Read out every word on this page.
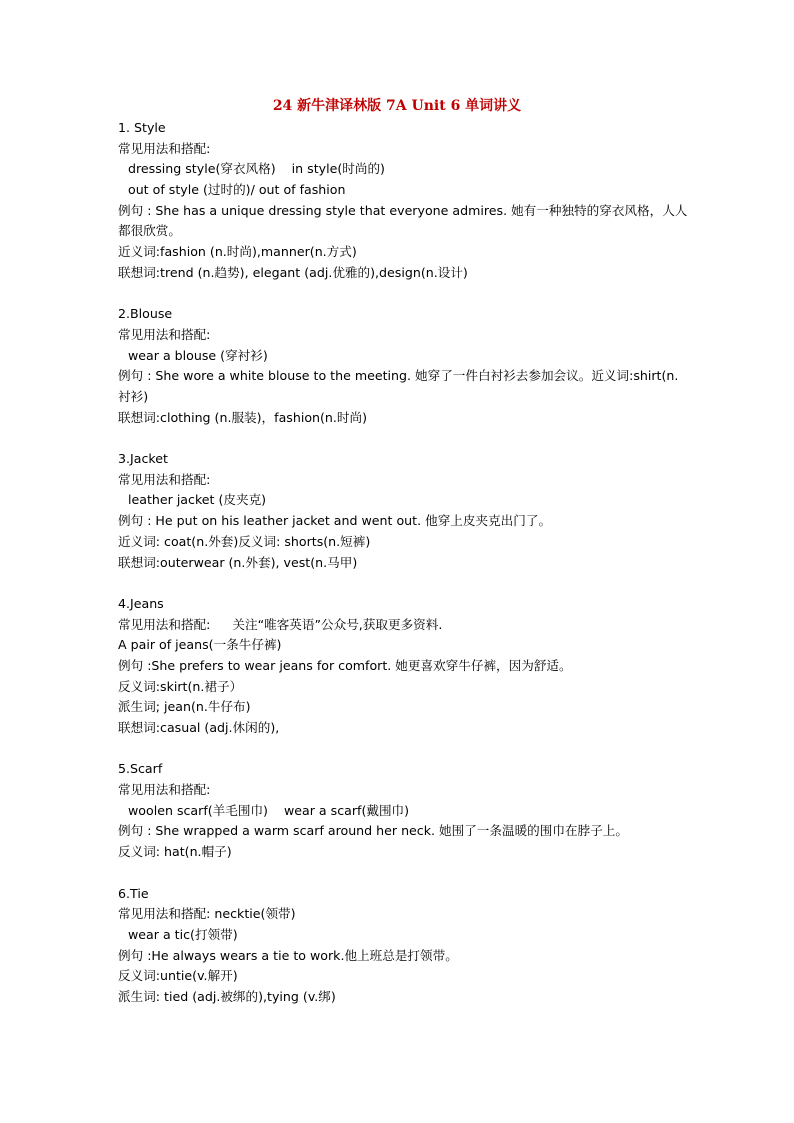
24 新牛津译林版 7A Unit 6 单词讲义
1. Style
常见用法和搭配:
dressing style(穿衣风格) in style(时尚的)
out of style (过时的)/ out of fashion
例句 : She has a unique dressing style that everyone admires. 她有一种独特的穿衣风格，人人都很欣赏。
近义词:fashion (n.时尚),manner(n.方式)
联想词:trend (n.趋势), elegant (adj.优雅的),design(n.设计)
2.Blouse
常见用法和搭配:
wear a blouse (穿衬衫)
例句 : She wore a white blouse to the meeting. 她穿了一件白衬衫去参加会议。近义词:shirt(n.衬衫)
联想词:clothing (n.服装)，fashion(n.时尚)
3.Jacket
常见用法和搭配:
leather jacket (皮夹克)
例句 : He put on his leather jacket and went out. 他穿上皮夹克出门了。
近义词: coat(n.外套)反义词: shorts(n.短裤)
联想词:outerwear (n.外套), vest(n.马甲)
4.Jeans
常见用法和搭配: 关注“唯客英语”公众号,获取更多资料.
A pair of jeans(一条牛仔裤)
例句 :She prefers to wear jeans for comfort. 她更喜欢穿牛仔裤，因为舒适。
反义词:skirt(n.裙子）
派生词; jean(n.牛仔布)
联想词:casual (adj.休闲的),
5.Scarf
常见用法和搭配:
woolen scarf(羊毛围巾) wear a scarf(戴围巾)
例句 : She wrapped a warm scarf around her neck. 她围了一条温暖的围巾在脖子上。
反义词: hat(n.帽子)
6.Tie
常见用法和搭配: necktie(领带)
wear a tic(打领带)
例句 :He always wears a tie to work.他上班总是打领带。
反义词:untie(v.解开)
派生词: tied (adj.被绑的),tying (v.绑)
